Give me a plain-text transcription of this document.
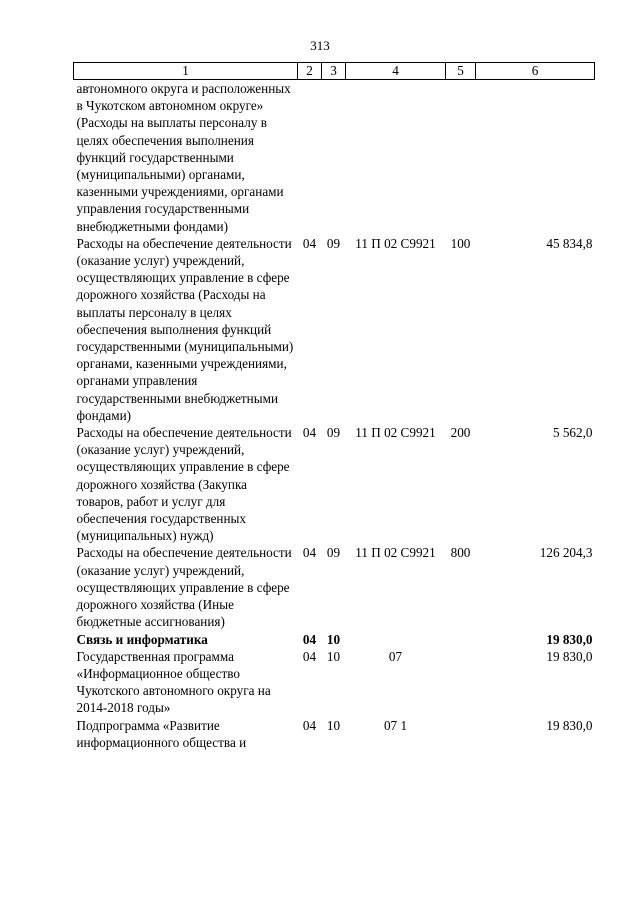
313
1	2	3	4	5	6
автономного округа и расположенных в Чукотском автономном округе» (Расходы на выплаты персоналу в целях обеспечения выполнения функций государственными (муниципальными) органами, казенными учреждениями, органами управления государственными внебюджетными фондами)					
Расходы на обеспечение деятельности (оказание услуг) учреждений, осуществляющих управление в сфере дорожного хозяйства (Расходы на выплаты персоналу в целях обеспечения выполнения функций государственными (муниципальными) органами, казенными учреждениями, органами управления государственными внебюджетными фондами)	04	09	11 П 02 С9921	100	45 834,8
Расходы на обеспечение деятельности (оказание услуг) учреждений, осуществляющих управление в сфере дорожного хозяйства (Закупка товаров, работ и услуг для обеспечения государственных (муниципальных) нужд)	04	09	11 П 02 С9921	200	5 562,0
Расходы на обеспечение деятельности (оказание услуг) учреждений, осуществляющих управление в сфере дорожного хозяйства (Иные бюджетные ассигнования)	04	09	11 П 02 С9921	800	126 204,3
Связь и информатика	04	10			19 830,0
Государственная программа «Информационное общество Чукотского автономного округа на 2014-2018 годы»	04	10	07		19 830,0
Подпрограмма «Развитие информационного общества и	04	10	07 1		19 830,0
